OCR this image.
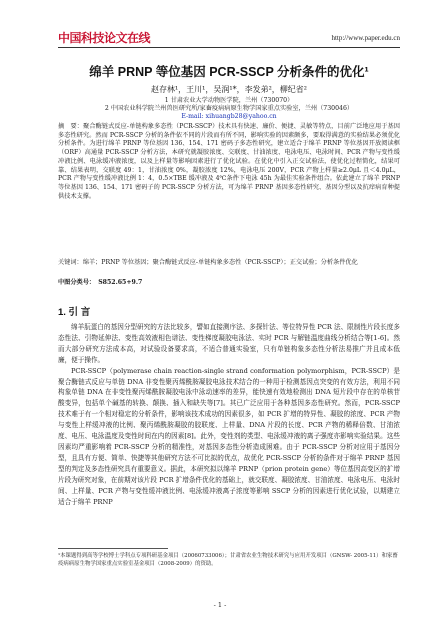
中国科技论文在线	http://www.paper.edu.cn
绵羊 PRNP 等位基因 PCR-SSCP 分析条件的优化¹
赵存林¹，王川¹，吴润¹*，李发弟²，柳纪省²
1 甘肃农业大学动物医学院，兰州（730070）
2 中国农业科学院兰州兽医研究所/家畜疫病病原生物学国家重点实验室，兰州（730046）
E-mail: xihuangb28@yahoo.cn

摘　要：聚合酶链式反应-单链构象多态性（PCR-SSCP）技术具有快速、廉价、便捷、灵敏等特点，目前广泛地应用于基因多态性研究。然而 PCR-SSCP 分析的条件依不同的片段而有所不同，影响实验的因素颇多，要取得满意的实验结果必须优化分析条件。为进行绵羊 PRNP 等位基因 136、154、171 密码子多态性研究，建立适合于绵羊 PRNP 等位基因开放阅读框（ORF）高通量 PCR-SSCP 分析方法，本研究就凝胶浓度、交联度、甘油浓度、电泳电压、电泳时间、PCR 产物与变性缓冲液比例、电泳缓冲液浓度，以及上样量等影响因素进行了优化试验。在优化中引入正交试验法，使优化过程简化，结果可靠、结果表明，交联度 49：1，甘油浓度 0%，凝胶浓度 12%，电泳电压 200V，PCR 产物上样量≥2.0μL 且＜4.0μL，PCR 产物与变性缓冲液比例 1：4，0.5×TBE 缓冲液及 4℃条件下电泳 45h 为最佳实验条件组合。依此建立了绵羊 PRNP 等位基因 136、154、171 密码子的 PCR-SSCP 分析方法，可为绵羊 PRNP 基因多态性研究、基因分型以及抗痒病育种提供技术支撑。

关键词：绵羊；PRNP 等位基因；聚合酶链式反应-单链构象多态性（PCR-SSCP）；正交试验；分析条件优化
中图分类号：　S852.65+9.7
1. 引 言

绵羊朊蛋白的基因分型研究的方法比较多，譬如直接测序法、多探针法、等位特异性 PCR 法、限制性片段长度多态性法、引物延伸法、变性高效液相色谱法、变性梯度凝胶电泳法、实时 PCR 与解链温度曲线分析结合等[1-6]。然而大部分研究方法成本高，对试验设备要求高，不适合普通实验室，只有单链构象多态性分析法易推广并且成本低廉，便于操作。

PCR-SSCP（polymerase chain reaction-single strand conformation polymorphism，PCR-SSCP）是聚合酶链式反应与单链 DNA 非变性聚丙烯酰胺凝胶电泳技术结合的一种用于检测基因点突变的有效方法，利用不同构象单链 DNA 在非变性聚丙烯酰胺凝胶电泳中泳动速率的差异，能快速有效地检测出 DNA 短片段中存在的单核苷酸变异，包括单个碱基的转换、颠换、插入和缺失等[7]。其已广泛应用于各种基因多态性研究。然而，PCR-SSCP 技术难于有一个相对稳定的分析条件，影响该技术成功的因素很多，如 PCR 扩增的特异性、凝胶的浓度、PCR 产物与变性上样缓冲液的比例、聚丙烯酰胺凝胶的胶联度、上样量、DNA 片段的长度、PCR 产物的稀释倍数、甘油浓度、电压、电泳温度及变性时间在内的因素[8]。此外，变性剂的类型、电泳缓冲液的离子强度亦影响实验结果。这些因素均严重影响着 PCR-SSCP 分析的精准性，对基因多态性分析造成困难。由于 PCR-SSCP 分析对应用于基因分型，且具有方便、简单、快捷等其他研究方法不可比拟的优点，故优化 PCR-SSCP 分析的条件对于绵羊 PRNP 基因型的判定及多态性研究具有重要意义。据此，本研究拟以绵羊 PRNP（prion protein gene）等位基因高变区的扩增片段为研究对象，在前期对该片段 PCR 扩增条件优化的基础上，就交联度、凝胶浓度、甘油浓度、电泳电压、电泳时间、上样量、PCR 产物与变性缓冲液比例、电泳缓冲液离子浓度等影响 SSCP 分析的因素进行优化试验，以期建立适合于绵羊 PRNP

¹本课题得到高等学校博士学科点专项科研基金项目（20060733006）；甘肃省农业生物技术研究与应用开发项目（GNSW- 2005-11）和家畜疫病病原生物学国家重点实验室基金项目（2008-2009）的资助。
- 1 -
